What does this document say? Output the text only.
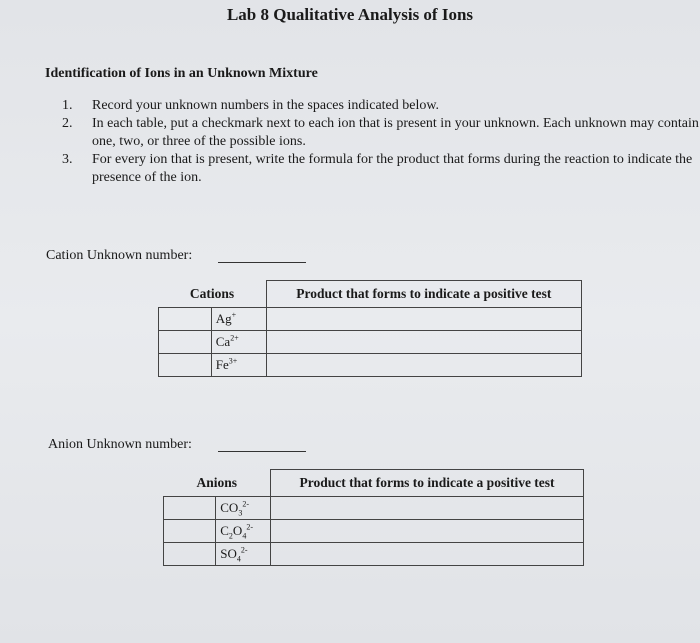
Lab 8 Qualitative Analysis of Ions
Identification of Ions in an Unknown Mixture
1.	Record your unknown numbers in the spaces indicated below.
2.	In each table, put a checkmark next to each ion that is present in your unknown. Each unknown may contain one, two, or three of the possible ions.
3.	For every ion that is present, write the formula for the product that forms during the reaction to indicate the presence of the ion.
Cation Unknown number:
Cations		Product that forms to indicate a positive test
	Ag+	
	$Ca^{2+}$	
	$Fe^{3+}$	
Anion Unknown number:
Anions		Product that forms to indicate a positive test
	$CO_3^{2-}$	
	$C_2O_4^{2-}$	
	$SO_4^{2-}$	
